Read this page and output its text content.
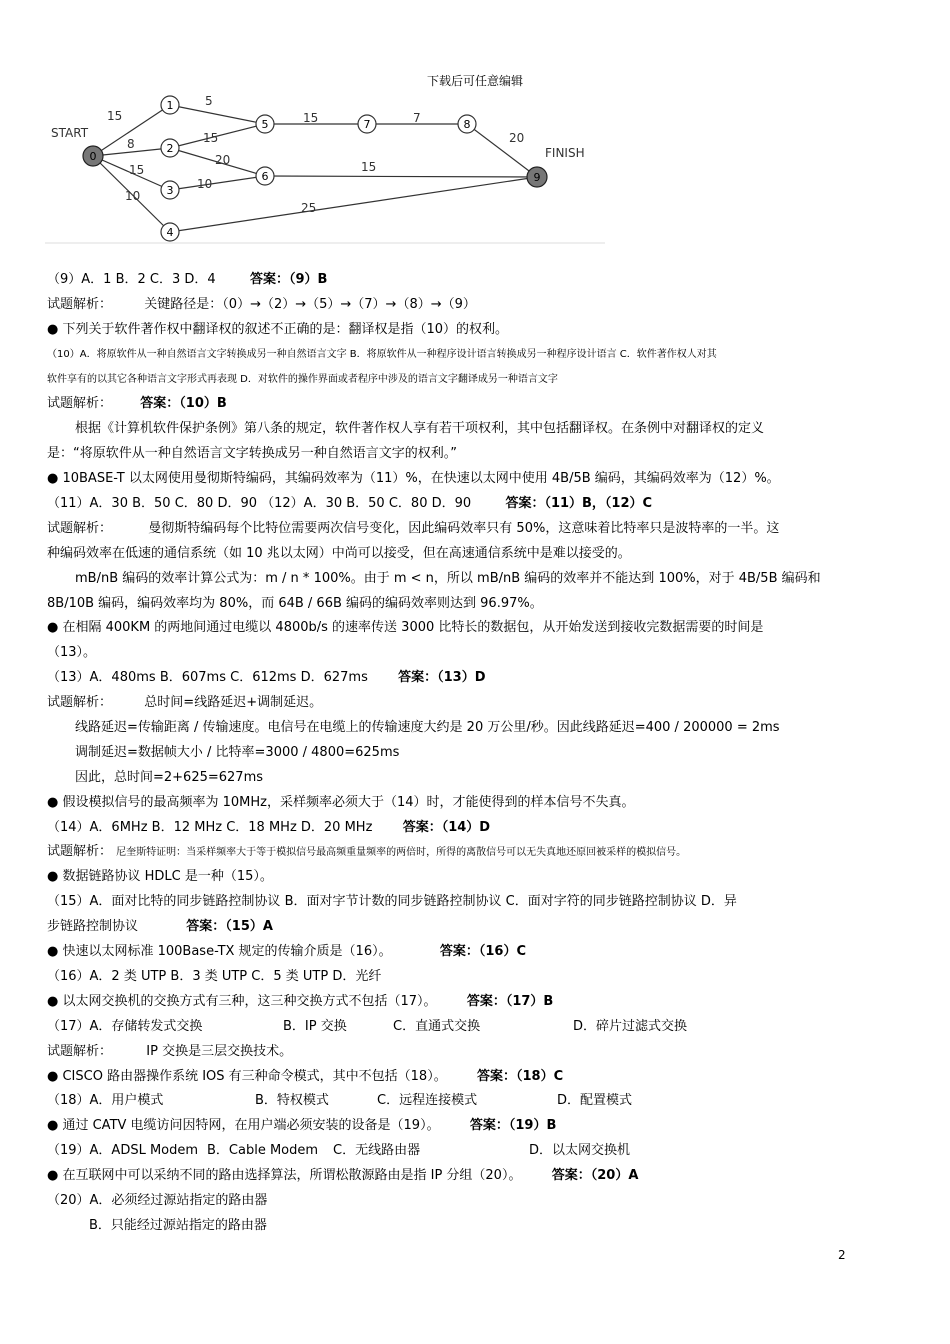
下载后可任意编辑
15
8
15
10
5
15
20
10
15	7
20
15
25
START
FINISH
0
1
2
3
4
5
6
7	8
9
（9）A．1 B．2 C．3 D．4	答案：（9）B
试题解析： 关键路径是：（0）→（2）→（5）→（7）→（8）→（9）
● 下列关于软件著作权中翻译权的叙述不正确的是：翻译权是指（10）的权利。
（10）A．将原软件从一种自然语言文字转换成另一种自然语言文字 B．将原软件从一种程序设计语言转换成另一种程序设计语言 C．软件著作权人对其
软件享有的以其它各种语言文字形式再表现 D．对软件的操作界面或者程序中涉及的语言文字翻译成另一种语言文字
试题解析： 答案：（10）B
根据《计算机软件保护条例》第八条的规定，软件著作权人享有若干项权利，其中包括翻译权。在条例中对翻译权的定义
是：“将原软件从一种自然语言文字转换成另一种自然语言文字的权利。”
● 10BASE-T 以太网使用曼彻斯特编码，其编码效率为（11）%，在快速以太网中使用 4B/5B 编码，其编码效率为（12）%。
（11）A．30 B．50 C．80 D．90 （12）A．30 B．50 C．80 D．90	答案：（11）B，（12）C
试题解析：	曼彻斯特编码每个比特位需要两次信号变化，因此编码效率只有 50%，这意味着比特率只是波特率的一半。这
种编码效率在低速的通信系统（如 10 兆以太网）中尚可以接受，但在高速通信系统中是难以接受的。
mB/nB 编码的效率计算公式为：m / n * 100%。由于 m < n，所以 mB/nB 编码的效率并不能达到 100%，对于 4B/5B 编码和
8B/10B 编码，编码效率均为 80%，而 64B / 66B 编码的编码效率则达到 96.97%。
● 在相隔 400KM 的两地间通过电缆以 4800b/s 的速率传送 3000 比特长的数据包，从开始发送到接收完数据需要的时间是
（13）。
（13）A．480ms B．607ms C．612ms D．627ms 答案：（13）D
试题解析： 总时间=线路延迟+调制延迟。
线路延迟=传输距离 / 传输速度。电信号在电缆上的传输速度大约是 20 万公里/秒。因此线路延迟=400 / 200000 = 2ms
调制延迟=数据帧大小 / 比特率=3000 / 4800=625ms
因此，总时间=2+625=627ms
● 假设模拟信号的最高频率为 10MHz，采样频率必须大于（14）时，才能使得到的样本信号不失真。
（14）A．6MHz B．12 MHz C．18 MHz D．20 MHz 答案：（14）D
试题解析： 尼奎斯特证明：当采样频率大于等于模拟信号最高频重量频率的两倍时，所得的离散信号可以无失真地还原回被采样的模拟信号。
● 数据链路协议 HDLC 是一种（15）。
（15）A．面对比特的同步链路控制协议 B．面对字节计数的同步链路控制协议 C．面对字符的同步链路控制协议 D．异
步链路控制协议	答案：（15）A
● 快速以太网标准 100Base-TX 规定的传输介质是（16）。	答案：（16）C
（16）A．2 类 UTP B．3 类 UTP C．5 类 UTP D．光纤
● 以太网交换机的交换方式有三种，这三种交换方式不包括（17）。 答案：（17）B
（17）A．存储转发式交换	B．IP 交换	C．直通式交换	D．碎片过滤式交换
试题解析：	IP 交换是三层交换技术。
● CISCO 路由器操作系统 IOS 有三种命令模式，其中不包括（18）。 答案：（18）C
（18）A．用户模式	B．特权模式	C．远程连接模式	D．配置模式
● 通过 CATV 电缆访问因特网，在用户端必须安装的设备是（19）。 答案：（19）B
（19）A．ADSL Modem B．Cable Modem C．无线路由器	D．以太网交换机
● 在互联网中可以采纳不同的路由选择算法，所谓松散源路由是指 IP 分组（20）。 答案：（20）A
（20）A．必须经过源站指定的路由器
B．只能经过源站指定的路由器
2
